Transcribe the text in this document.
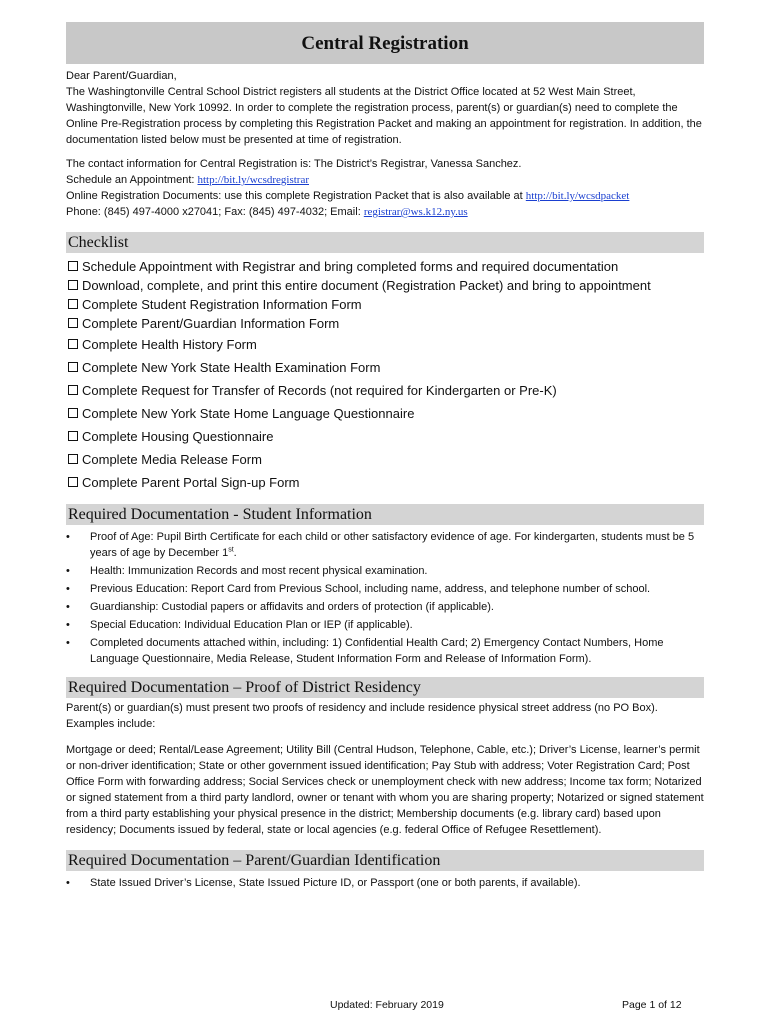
Central Registration

Dear Parent/Guardian,

The Washingtonville Central School District registers all students at the District Office located at 52 West Main Street, Washingtonville, New York 10992. In order to complete the registration process, parent(s) or guardian(s) need to complete the Online Pre-Registration process by completing this Registration Packet and making an appointment for registration. In addition, the documentation listed below must be presented at time of registration.

The contact information for Central Registration is: The District’s Registrar, Vanessa Sanchez.

Schedule an Appointment: http://bit.ly/wcsdregistrar

Online Registration Documents: use this complete Registration Packet that is also available at http://bit.ly/wcsdpacket

Phone: (845) 497-4000 x27041; Fax: (845) 497-4032; Email: registrar@ws.k12.ny.us

Checklist
Schedule Appointment with Registrar and bring completed forms and required documentation
Download, complete, and print this entire document (Registration Packet) and bring to appointment
Complete Student Registration Information Form
Complete Parent/Guardian Information Form
Complete Health History Form
Complete New York State Health Examination Form
Complete Request for Transfer of Records (not required for Kindergarten or Pre-K)
Complete New York State Home Language Questionnaire
Complete Housing Questionnaire
Complete Media Release Form
Complete Parent Portal Sign-up Form
Required Documentation - Student Information
•	Proof of Age: Pupil Birth Certificate for each child or other satisfactory evidence of age. For kindergarten, students must be 5 years of age by December 1st.
•	Health: Immunization Records and most recent physical examination.
•	Previous Education: Report Card from Previous School, including name, address, and telephone number of school.
•	Guardianship: Custodial papers or affidavits and orders of protection (if applicable).
•	Special Education: Individual Education Plan or IEP (if applicable).
•	Completed documents attached within, including: 1) Confidential Health Card; 2) Emergency Contact Numbers, Home Language Questionnaire, Media Release, Student Information Form and Release of Information Form).
Required Documentation – Proof of District Residency

Parent(s) or guardian(s) must present two proofs of residency and include residence physical street address (no PO Box). Examples include:

Mortgage or deed; Rental/Lease Agreement; Utility Bill (Central Hudson, Telephone, Cable, etc.); Driver’s License, learner’s permit or non-driver identification; State or other government issued identification; Pay Stub with address; Voter Registration Card; Post Office Form with forwarding address; Social Services check or unemployment check with new address; Income tax form; Notarized or signed statement from a third party landlord, owner or tenant with whom you are sharing property; Notarized or signed statement from a third party establishing your physical presence in the district; Membership documents (e.g. library card) based upon residency; Documents issued by federal, state or local agencies (e.g. federal Office of Refugee Resettlement).

Required Documentation – Parent/Guardian Identification
•	State Issued Driver’s License, State Issued Picture ID, or Passport (one or both parents, if available).
Updated: February 2019	Page 1 of 12
